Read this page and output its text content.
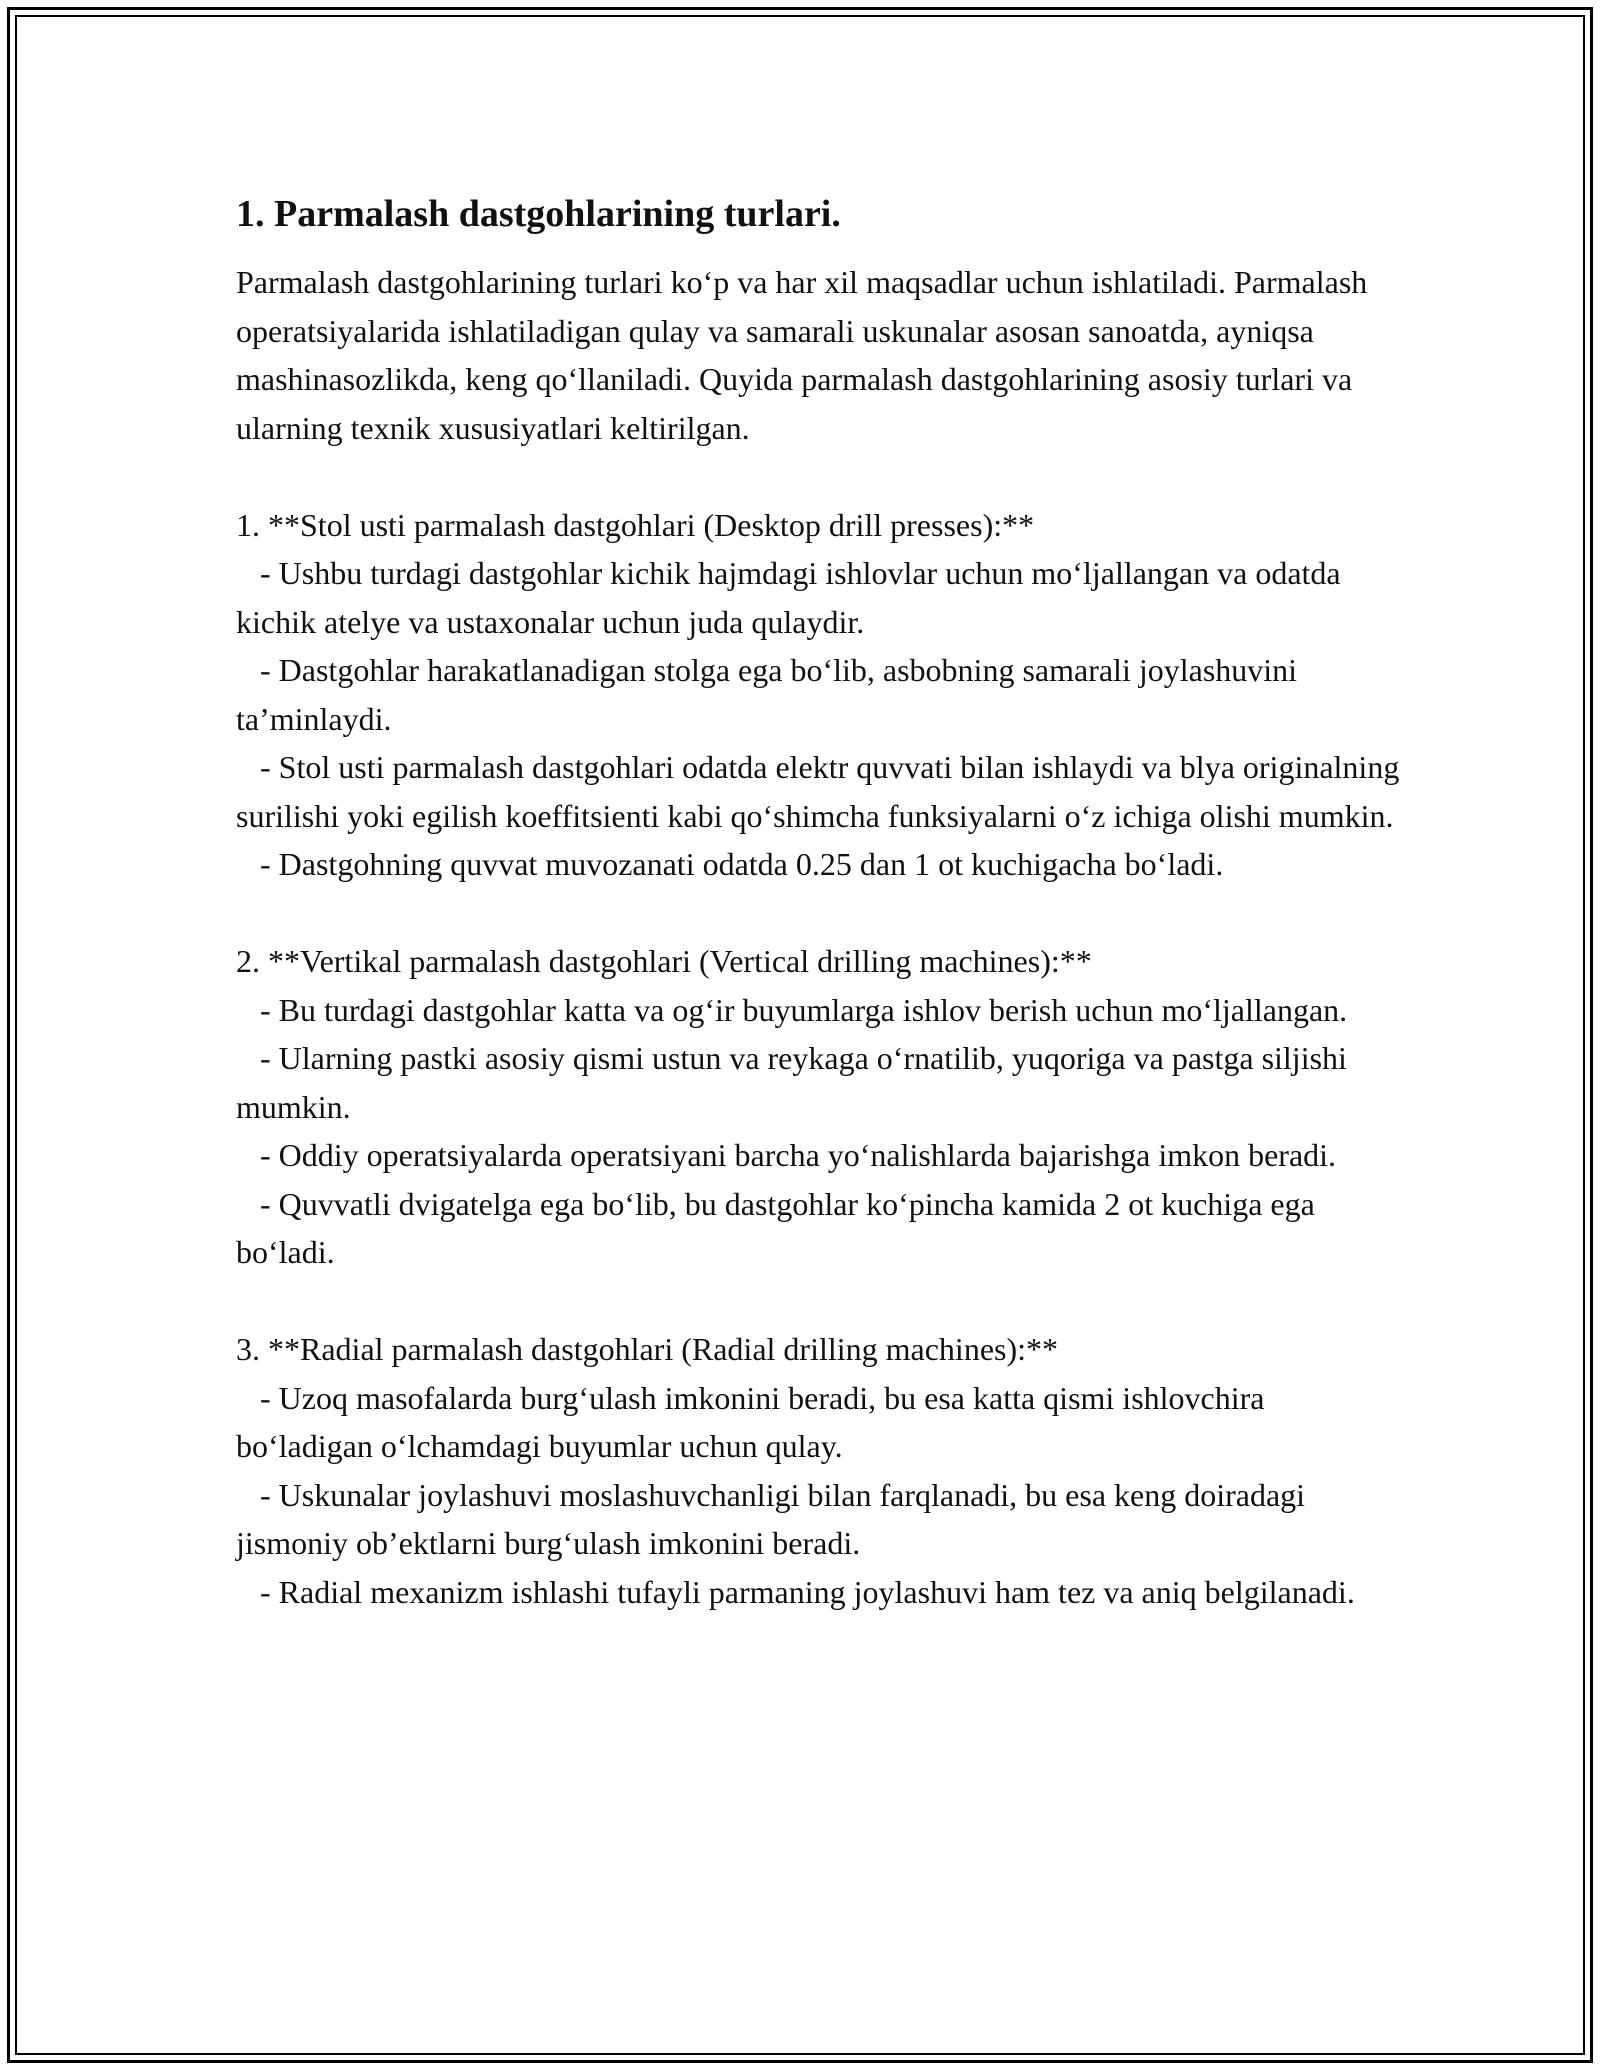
1. Parmalash dastgohlarining turlari.

Parmalash dastgohlarining turlari ko‘p va har xil maqsadlar uchun ishlatiladi. Parmalash operatsiyalarida ishlatiladigan qulay va samarali uskunalar asosan sanoatda, ayniqsa mashinasozlikda, keng qo‘llaniladi. Quyida parmalash dastgohlarining asosiy turlari va ularning texnik xususiyatlari keltirilgan.

1. **Stol usti parmalash dastgohlari (Desktop drill presses):**
- Ushbu turdagi dastgohlar kichik hajmdagi ishlovlar uchun mo‘ljallangan va odatda kichik atelye va ustaxonalar uchun juda qulaydir.
- Dastgohlar harakatlanadigan stolga ega bo‘lib, asbobning samarali joylashuvini ta’minlaydi.
- Stol usti parmalash dastgohlari odatda elektr quvvati bilan ishlaydi va blya originalning surilishi yoki egilish koeffitsienti kabi qo‘shimcha funksiyalarni o‘z ichiga olishi mumkin.
- Dastgohning quvvat muvozanati odatda 0.25 dan 1 ot kuchigacha bo‘ladi.
2. **Vertikal parmalash dastgohlari (Vertical drilling machines):**
- Bu turdagi dastgohlar katta va og‘ir buyumlarga ishlov berish uchun mo‘ljallangan.
- Ularning pastki asosiy qismi ustun va reykaga o‘rnatilib, yuqoriga va pastga siljishi mumkin.
- Oddiy operatsiyalarda operatsiyani barcha yo‘nalishlarda bajarishga imkon beradi.
- Quvvatli dvigatelga ega bo‘lib, bu dastgohlar ko‘pincha kamida 2 ot kuchiga ega bo‘ladi.
3. **Radial parmalash dastgohlari (Radial drilling machines):**
- Uzoq masofalarda burg‘ulash imkonini beradi, bu esa katta qismi ishlovchira bo‘ladigan o‘lchamdagi buyumlar uchun qulay.
- Uskunalar joylashuvi moslashuvchanligi bilan farqlanadi, bu esa keng doiradagi jismoniy ob’ektlarni burg‘ulash imkonini beradi.
- Radial mexanizm ishlashi tufayli parmaning joylashuvi ham tez va aniq belgilanadi.
